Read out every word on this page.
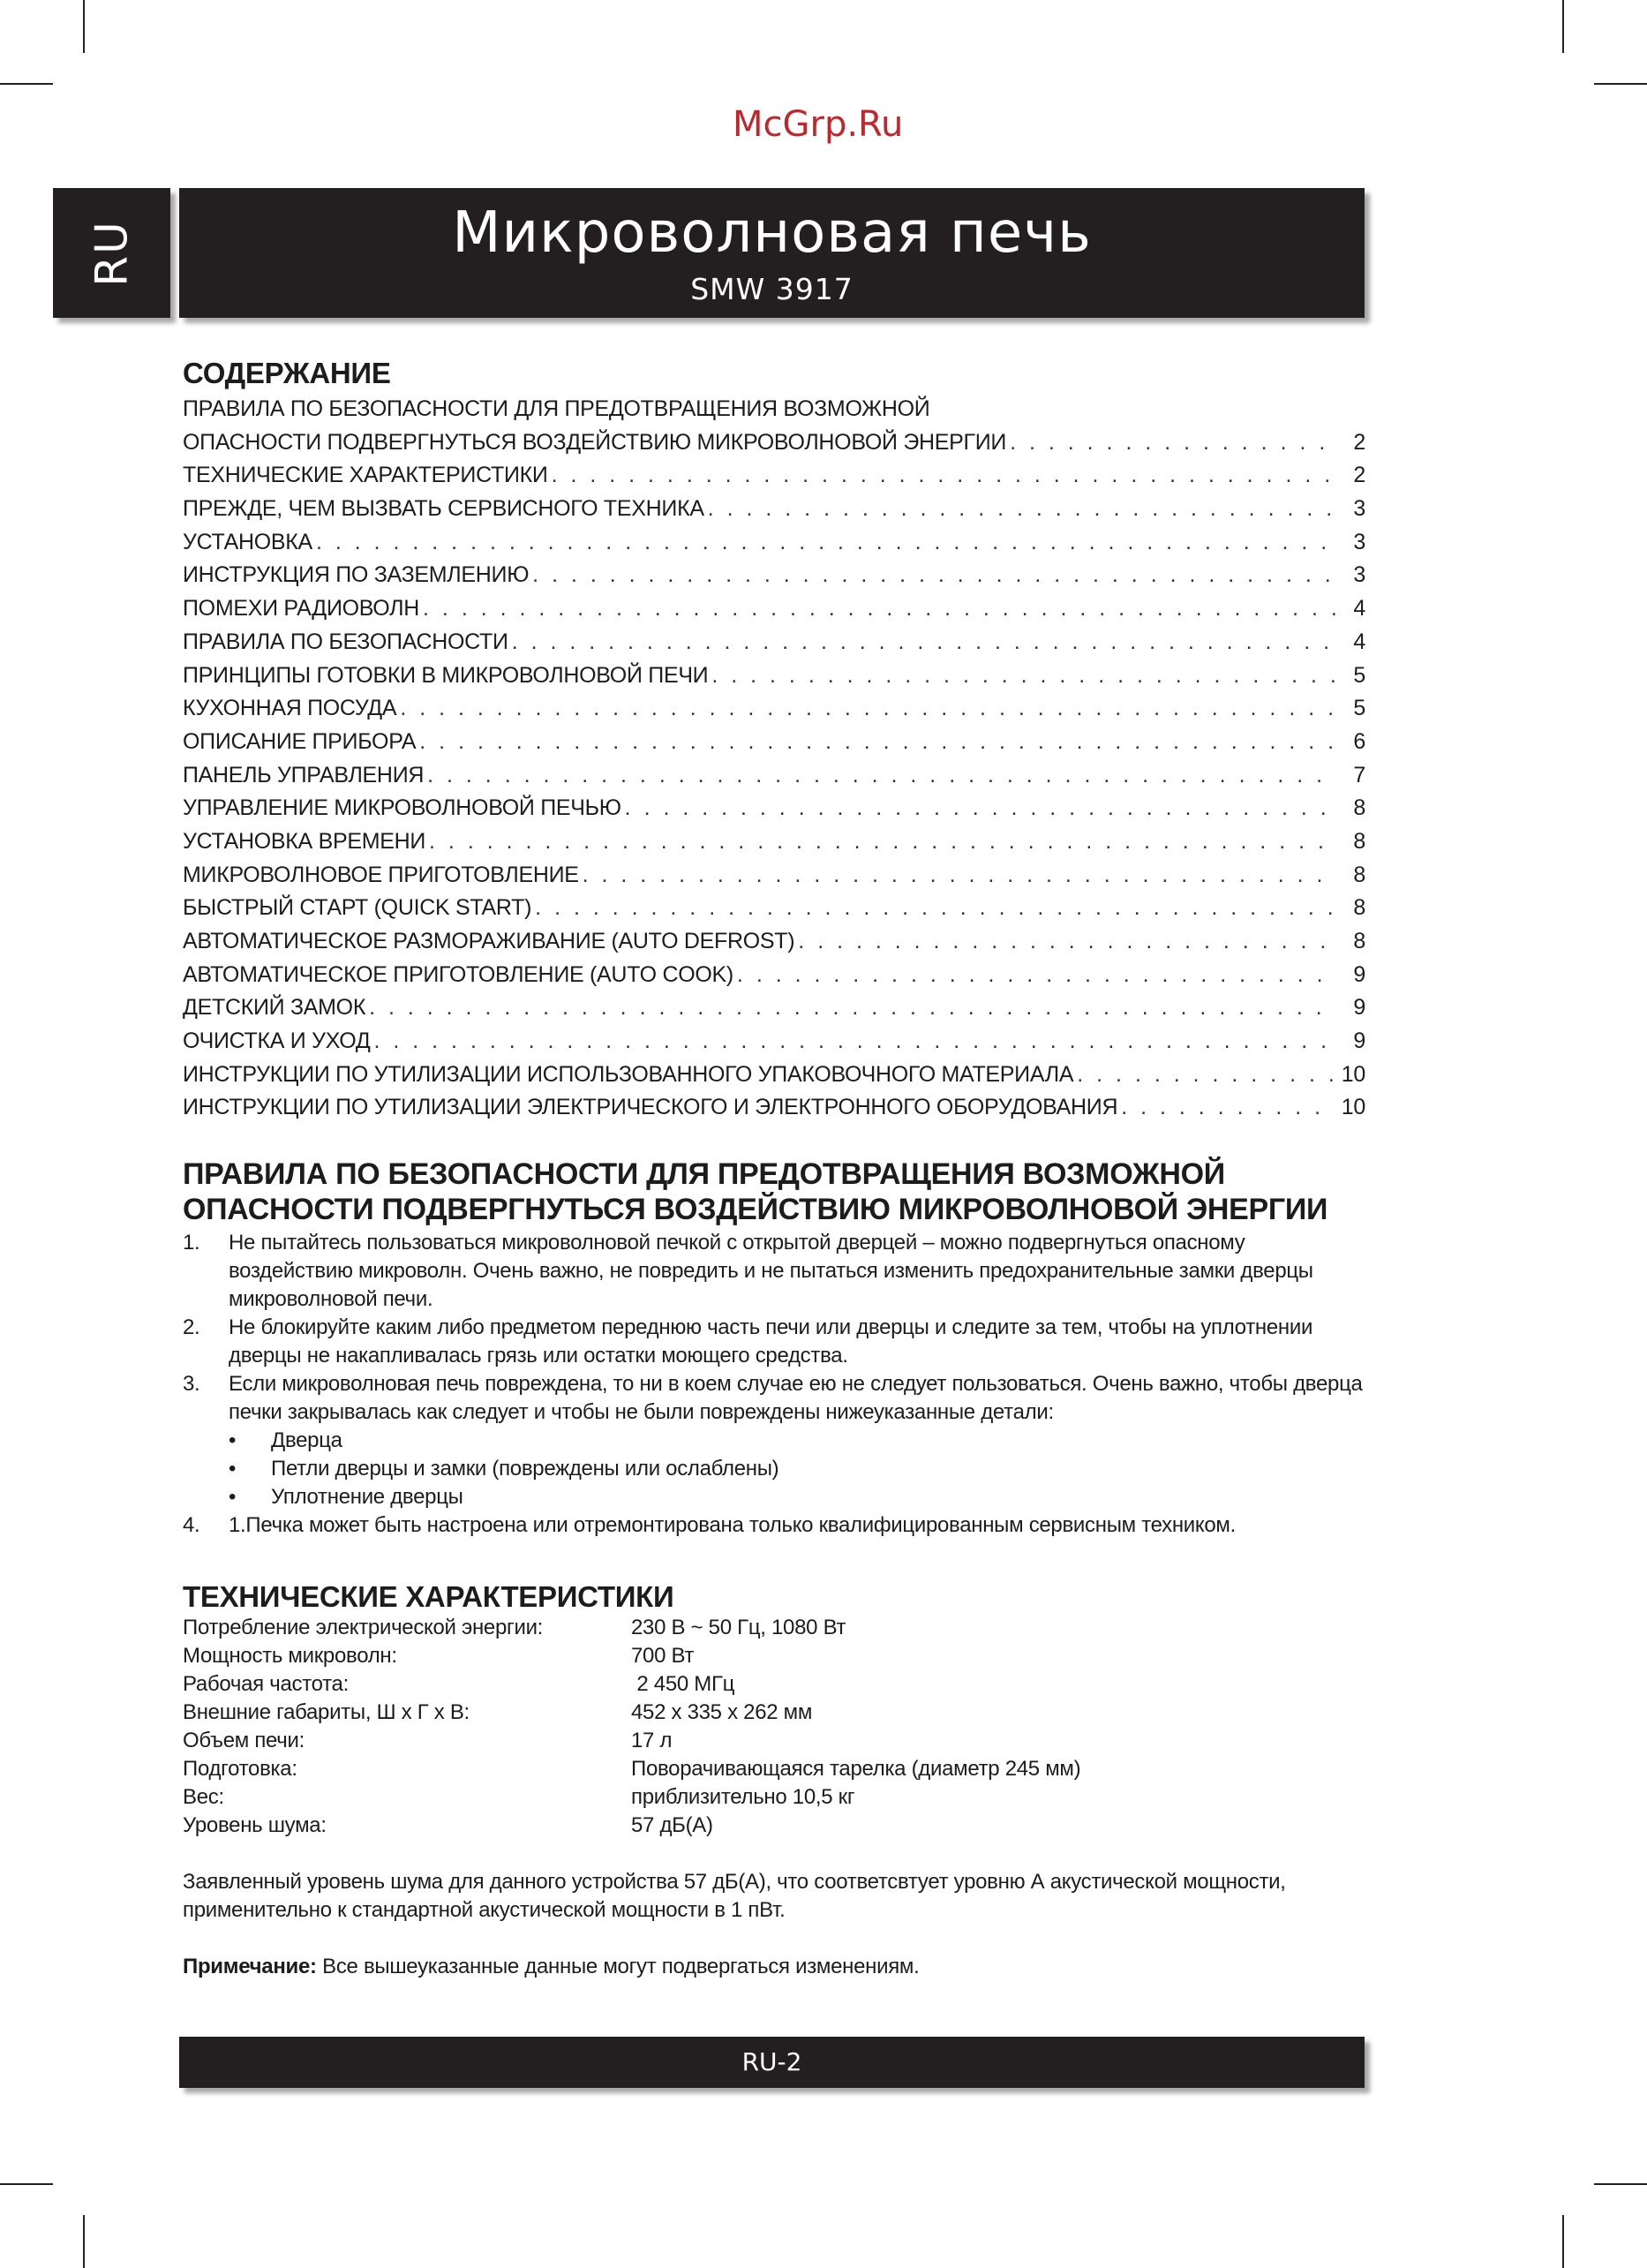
McGrp.Ru
RU	Микроволновая печь
SMW 3917
СОДЕРЖАНИЕ
ПРАВИЛА ПО БЕЗОПАСНОСТИ ДЛЯ ПРЕДОТВРАЩЕНИЯ ВОЗМОЖНОЙ
ОПАСНОСТИ ПОДВЕРГНУТЬСЯ ВОЗДЕЙСТВИЮ МИКРОВОЛНОВОЙ ЭНЕРГИИ . . .	2
ТЕХНИЧЕСКИЕ ХАРАКТЕРИСТИКИ . . .	2
ПРЕЖДЕ, ЧЕМ ВЫЗВАТЬ СЕРВИСНОГО ТЕХНИКА . . .	3
УСТАНОВКА . . .	3
ИНСТРУКЦИЯ ПО ЗАЗЕМЛЕНИЮ . . .	3
ПОМЕХИ РАДИОВОЛН . . .	4
ПРАВИЛА ПО БЕЗОПАСНОСТИ . . .	4
ПРИНЦИПЫ ГОТОВКИ В МИКРОВОЛНОВОЙ ПЕЧИ . . .	5
КУХОННАЯ ПОСУДА . . .	5
ОПИСАНИЕ ПРИБОРА . . .	6
ПАНЕЛЬ УПРАВЛЕНИЯ . . .	7
УПРАВЛЕНИЕ МИКРОВОЛНОВОЙ ПЕЧЬЮ . . .	8
УСТАНОВКА ВРЕМЕНИ . . .	8
МИКРОВОЛНОВОЕ ПРИГОТОВЛЕНИЕ . . .	8
БЫСТРЫЙ СТАРТ (QUICK START) . . .	8
АВТОМАТИЧЕСКОЕ РАЗМОРАЖИВАНИЕ (AUTO DEFROST) . . .	8
АВТОМАТИЧЕСКОЕ ПРИГОТОВЛЕНИЕ (AUTO COOK) . . .	9
ДЕТСКИЙ ЗАМОК . . .	9
ОЧИСТКА И УХОД . . .	9
ИНСТРУКЦИИ ПО УТИЛИЗАЦИИ ИСПОЛЬЗОВАННОГО УПАКОВОЧНОГО МАТЕРИАЛА . . .	10
ИНСТРУКЦИИ ПО УТИЛИЗАЦИИ ЭЛЕКТРИЧЕСКОГО И ЭЛЕКТРОННОГО ОБОРУДОВАНИЯ . . .	10
ПРАВИЛА ПО БЕЗОПАСНОСТИ ДЛЯ ПРЕДОТВРАЩЕНИЯ ВОЗМОЖНОЙ
ОПАСНОСТИ ПОДВЕРГНУТЬСЯ ВОЗДЕЙСТВИЮ МИКРОВОЛНОВОЙ ЭНЕРГИИ
1. Не пытайтесь пользоваться микроволновой печкой с открытой дверцей – можно подвергнуться опасному воздействию микроволн. Очень важно, не повредить и не пытаться изменить предохранительные замки дверцы микроволновой печи.
2. Не блокируйте каким либо предметом переднюю часть печи или дверцы и следите за тем, чтобы на уплотнении дверцы не накапливалась грязь или остатки моющего средства.
3. Если микроволновая печь повреждена, то ни в коем случае ею не следует пользоваться. Очень важно, чтобы дверца печки закрывалась как следует и чтобы не были повреждены нижеуказанные детали:
• Дверца
• Петли дверцы и замки (повреждены или ослаблены)
• Уплотнение дверцы
4. 1.Печка может быть настроена или отремонтирована только квалифицированным сервисным техником.
ТЕХНИЧЕСКИЕ ХАРАКТЕРИСТИКИ
Потребление электрической энергии:	230 В ~ 50 Гц, 1080 Вт
Мощность микроволн:	700 Вт
Рабочая частота:	2 450 МГц
Внешние габариты, Ш x Г x В:	452 x 335 x 262 мм
Объем печи:	17 л
Подготовка:	Поворачивающаяся тарелка (диаметр 245 мм)
Вес:	приблизительно 10,5 кг
Уровень шума:	57 дБ(А)

Заявленный уровень шума для данного устройства 57 дБ(А), что соответсвтует уровню А акустической мощности, применительно к стандартной акустической мощности в 1 пВт.

Примечание: Все вышеуказанные данные могут подвергаться изменениям.

RU-2
